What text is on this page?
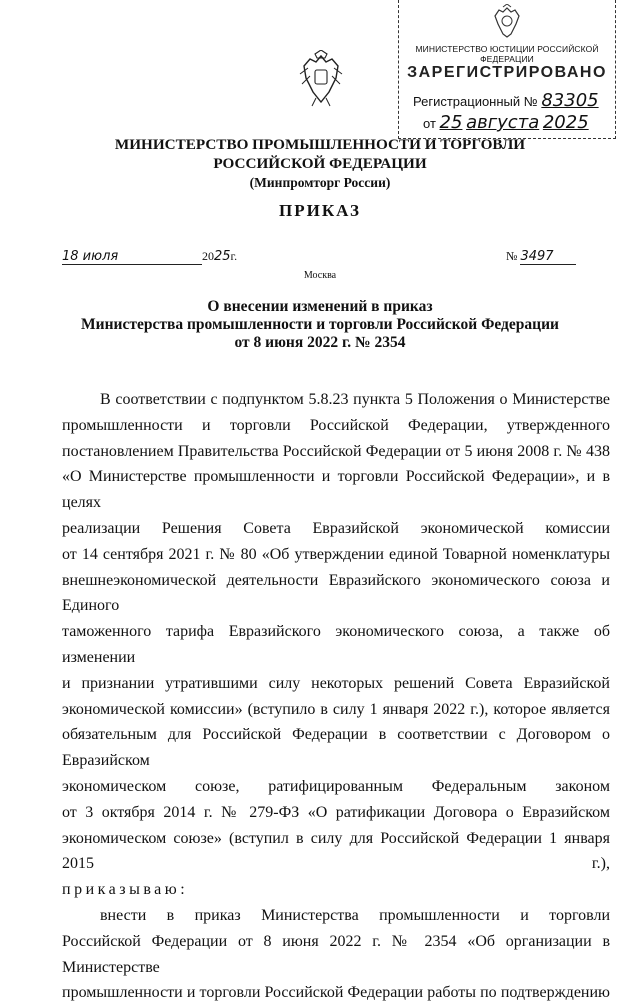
МИНИСТЕРСТВО ЮСТИЦИИ РОССИЙСКОЙ ФЕДЕРАЦИИ
ЗАРЕГИСТРИРОВАНО
Регистрационный № 83305
от 25 августа 2025
МИНИСТЕРСТВО ПРОМЫШЛЕННОСТИ И ТОРГОВЛИ
РОССИЙСКОЙ ФЕДЕРАЦИИ
(Минпромторг России)
ПРИКАЗ
18 июля	2025г.	№ 3497
Москва
О внесении изменений в приказ
Министерства промышленности и торговли Российской Федерации
от 8 июня 2022 г. № 2354

В соответствии с подпунктом 5.8.23 пункта 5 Положения о Министерстве

промышленности и торговли Российской Федерации, утвержденного

постановлением Правительства Российской Федерации от 5 июня 2008 г. № 438

«О Министерстве промышленности и торговли Российской Федерации», и в целях

реализации Решения Совета Евразийской экономической комиссии

от 14 сентября 2021 г. № 80 «Об утверждении единой Товарной номенклатуры

внешнеэкономической деятельности Евразийского экономического союза и Единого

таможенного тарифа Евразийского экономического союза, а также об изменении

и признании утратившими силу некоторых решений Совета Евразийской

экономической комиссии» (вступило в силу 1 января 2022 г.), которое является

обязательным для Российской Федерации в соответствии с Договором о Евразийском

экономическом союзе, ратифицированным Федеральным законом

от 3 октября 2014 г. № 279-ФЗ «О ратификации Договора о Евразийском

экономическом союзе» (вступил в силу для Российской Федерации 1 января 2015 г.),

приказываю:

внести в приказ Министерства промышленности и торговли

Российской Федерации от 8 июня 2022 г. № 2354 «Об организации в Министерстве

промышленности и торговли Российской Федерации работы по подтверждению
